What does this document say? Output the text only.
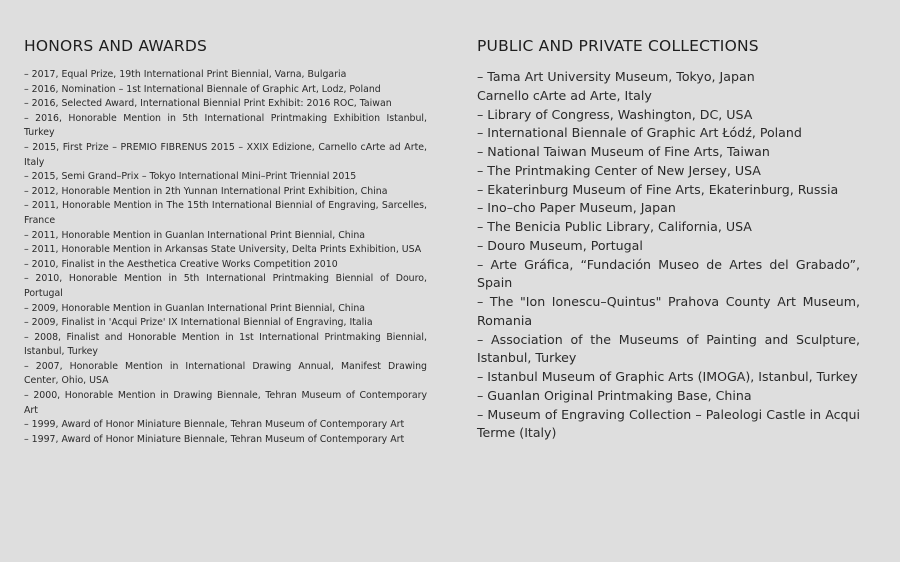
HONORS AND AWARDS
– 2017, Equal Prize, 19th International Print Biennial, Varna, Bulgaria
– 2016, Nomination – 1st International Biennale of Graphic Art, Lodz, Poland
– 2016, Selected Award, International Biennial Print Exhibit: 2016 ROC, Taiwan
– 2016, Honorable Mention in 5th International Printmaking Exhibition Istanbul, Turkey
– 2015, First Prize – PREMIO FIBRENUS 2015 – XXIX Edizione, Carnello cArte ad Arte, Italy
– 2015, Semi Grand–Prix – Tokyo International Mini–Print Triennial 2015
– 2012, Honorable Mention in 2th Yunnan International Print Exhibition, China
– 2011, Honorable Mention in The 15th International Biennial of Engraving, Sarcelles, France
– 2011, Honorable Mention in Guanlan International Print Biennial, China
– 2011, Honorable Mention in Arkansas State University, Delta Prints Exhibition, USA
– 2010, Finalist in the Aesthetica Creative Works Competition 2010
– 2010, Honorable Mention in 5th International Printmaking Biennial of Douro, Portugal
– 2009, Honorable Mention in Guanlan International Print Biennial, China
– 2009, Finalist in 'Acqui Prize' IX International Biennial of Engraving, Italia
– 2008, Finalist and Honorable Mention in 1st International Printmaking Biennial, Istanbul, Turkey
– 2007, Honorable Mention in International Drawing Annual, Manifest Drawing Center, Ohio, USA
– 2000, Honorable Mention in Drawing Biennale, Tehran Museum of Contemporary Art
– 1999, Award of Honor Miniature Biennale, Tehran Museum of Contemporary Art
– 1997, Award of Honor Miniature Biennale, Tehran Museum of Contemporary Art
PUBLIC AND PRIVATE COLLECTIONS
– Tama Art University Museum, Tokyo, Japan
Carnello cArte ad Arte, Italy
– Library of Congress, Washington, DC, USA
– International Biennale of Graphic Art Łódź, Poland
– National Taiwan Museum of Fine Arts, Taiwan
– The Printmaking Center of New Jersey, USA
– Ekaterinburg Museum of Fine Arts, Ekaterinburg, Russia
– Ino–cho Paper Museum, Japan
– The Benicia Public Library, California, USA
– Douro Museum, Portugal
– Arte Gráfica, “Fundación Museo de Artes del Grabado”, Spain
– The "Ion Ionescu–Quintus" Prahova County Art Museum, Romania
– Association of the Museums of Painting and Sculpture, Istanbul, Turkey
– Istanbul Museum of Graphic Arts (IMOGA), Istanbul, Turkey
– Guanlan Original Printmaking Base, China
– Museum of Engraving Collection – Paleologi Castle in Acqui Terme (Italy)
